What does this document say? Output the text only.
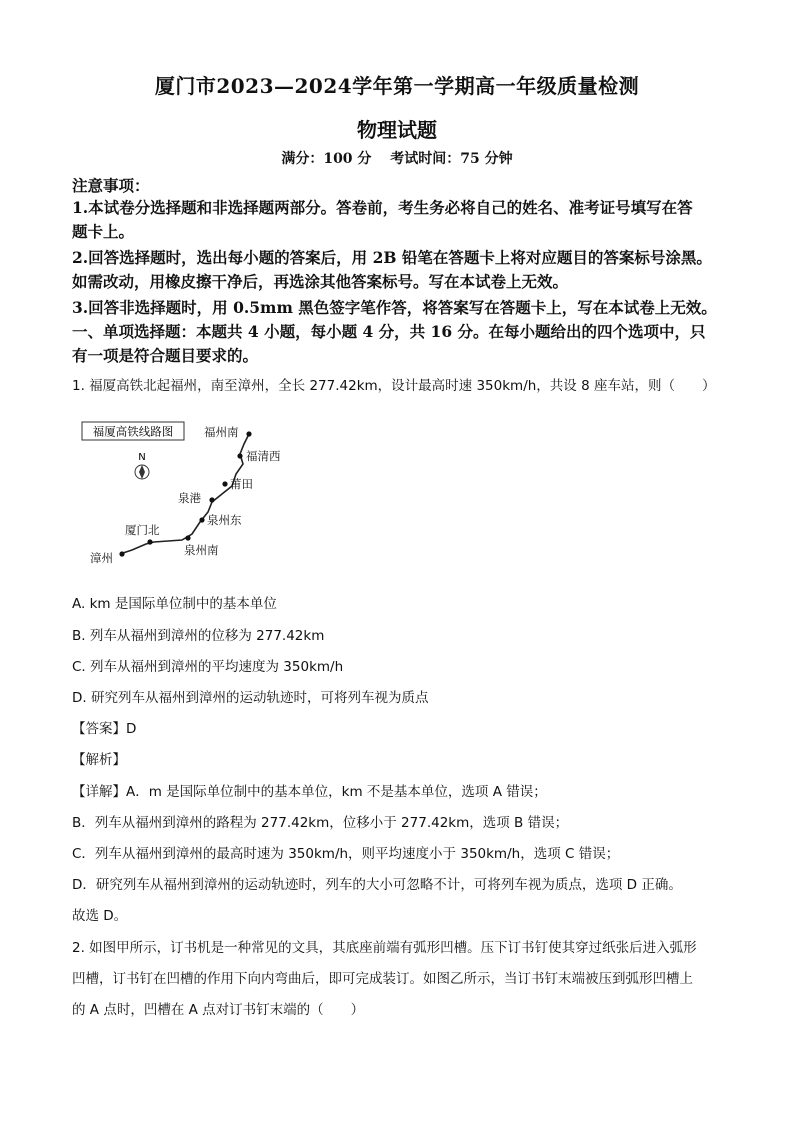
厦门市2023—2024学年第一学期高一年级质量检测
物理试题
满分：100 分　 考试时间：75 分钟
注意事项：
1.本试卷分选择题和非选择题两部分。答卷前，考生务必将自己的姓名、准考证号填写在答
题卡上。
2.回答选择题时，选出每小题的答案后，用 2B 铅笔在答题卡上将对应题目的答案标号涂黑。
如需改动，用橡皮擦干净后，再选涂其他答案标号。写在本试卷上无效。
3.回答非选择题时，用 0.5mm 黑色签字笔作答，将答案写在答题卡上，写在本试卷上无效。
一、单项选择题：本题共 4 小题，每小题 4 分，共 16 分。在每小题给出的四个选项中，只
有一项是符合题目要求的。
1. 福厦高铁北起福州，南至漳州，全长 277.42km，设计最高时速 350km/h，共设 8 座车站，则（　　）
福厦高铁线路图
N
福州南
福清西
莆田
泉港
泉州东
泉州南
厦门北
漳州
A. km 是国际单位制中的基本单位
B. 列车从福州到漳州的位移为 277.42km
C. 列车从福州到漳州的平均速度为 350km/h
D. 研究列车从福州到漳州的运动轨迹时，可将列车视为质点
【答案】D
【解析】
【详解】A．m 是国际单位制中的基本单位，km 不是基本单位，选项 A 错误；
B．列车从福州到漳州的路程为 277.42km，位移小于 277.42km，选项 B 错误；
C．列车从福州到漳州的最高时速为 350km/h，则平均速度小于 350km/h，选项 C 错误；
D．研究列车从福州到漳州的运动轨迹时，列车的大小可忽略不计，可将列车视为质点，选项 D 正确。
故选 D。
2. 如图甲所示，订书机是一种常见的文具，其底座前端有弧形凹槽。压下订书钉使其穿过纸张后进入弧形
凹槽，订书钉在凹槽的作用下向内弯曲后，即可完成装订。如图乙所示，当订书钉末端被压到弧形凹槽上
的 A 点时，凹槽在 A 点对订书钉末端的（　　）
